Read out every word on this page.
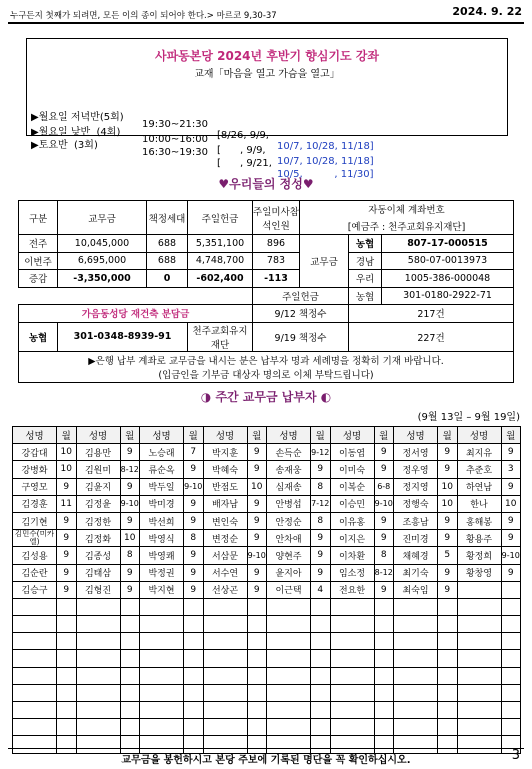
누구든지 첫째가 되려면, 모든 이의 종이 되어야 한다.> 마르코 9,30-37	2024. 9. 22
사파동본당 2024년 후반기 향심기도 강좌
교재「마음을 열고 가슴을 열고」

▶월요일 저녁반(5회)

19:30~21:30

[8/26, 9/9,

10/7, 10/28, 11/18]

▶월요일 낮반  (4회)

10:00~16:00

[      , 9/9,

10/7, 10/28, 11/18]

▶토요반  (3회)

16:30~19:30

[      , 9/21,

10/5,          , 11/30]

♥우리들의 정성♥
구분	교무금	책정세대	주일헌금	주일미사참석인원	자동이체 계좌번호		
					[예금주 : 천주교회유지재단]		
전주	10,045,000	688	5,351,100	896	교무금	농협	807-17-000515
이번주	6,695,000	688	4,748,700	783		경남	580-07-0013973
증감	-3,350,000	0	-602,400	-113		우리	1005-386-000048
				주일헌금		농협	301-0180-2922-71
가음동성당 재건축 분담금				9/12 책정수		217건	
농협	301-0348-8939-91		천주교회유지재단	9/19 책정수		227건	

▶은행 납부 계좌로 교무금을 내시는 분은 납부자 명과 세례명을 정확히 기재 바랍니다.
(입금인을 기부금 대상자 명의로 이체 부탁드립니다)							
◑ 주간 교무금 납부자 ◐
(9월 13일 – 9월 19일)
성명	월	성명	월	성명	월	성명	월	성명	월	성명	월	성명	월	성명	월
강갑대	10	김용만	9	노승래	7	박지훈	9	손득순	9-12	이동엽	9	정서영	9	최지유	9
강병화	10	김원미	8-12	류순옥	9	박혜숙	9	송재웅	9	이미숙	9	정우영	9	추준호	3
구영모	9	김윤지	9	박두일	9-10	반점도	10	심재송	8	이복순	6-8	정지영	10	하연남	9
김경훈	11	김정윤	9-10	박미경	9	배자남	9	안병섭	7-12	이승민	9-10	정행숙	10	한나	10
김기현	9	김정한	9	박선희	9	변인숙	9	안정순	8	이유홍	9	조흥남	9	홍해봉	9
김민수(미카엘)	9	김정화	10	박영식	8	변정순	9	안차애	9	이지은	9	진미경	9	황용주	9
김성용	9	김종성	8	박영쾌	9	서삼문	9-10	양현주	9	이차환	8	채혜경	5	황정희	9-10
김순란	9	김태삼	9	박정권	9	서수연	9	윤지아	9	임소정	8-12	최기숙	9	황창영	9
김승구	9	김형진	9	박지현	9	선상곤	9	이근택	4	전요한	9	최숙임	9		

교무금을 봉헌하시고 본당 주보에 기록된 명단을 꼭 확인하십시오.	3
